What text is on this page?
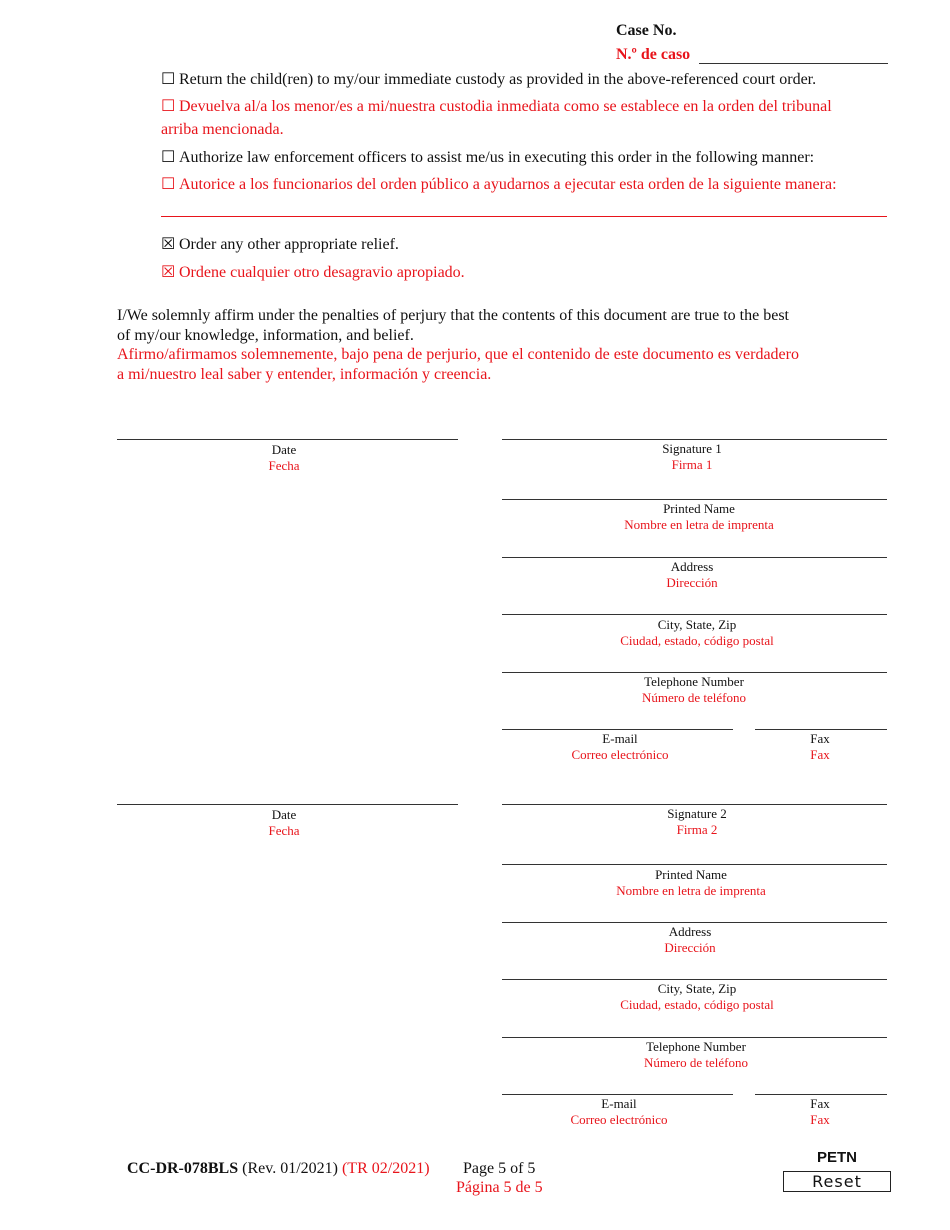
Case No.
N.º de caso
☐ Return the child(ren) to my/our immediate custody as provided in the above-referenced court order.
☐ Devuelva al/a los menor/es a mi/nuestra custodia inmediata como se establece en la orden del tribunal
arriba mencionada.
☐ Authorize law enforcement officers to assist me/us in executing this order in the following manner:
☐ Autorice a los funcionarios del orden público a ayudarnos a ejecutar esta orden de la siguiente manera:
☒ Order any other appropriate relief.
☒ Ordene cualquier otro desagravio apropiado.
I/We solemnly affirm under the penalties of perjury that the contents of this document are true to the best
of my/our knowledge, information, and belief.
Afirmo/afirmamos solemnemente, bajo pena de perjurio, que el contenido de este documento es verdadero
a mi/nuestro leal saber y entender, información y creencia.
Date
Fecha
Signature 1
Firma 1
Printed Name
Nombre en letra de imprenta
Address
Dirección
City, State, Zip
Ciudad, estado, código postal
Telephone Number
Número de teléfono
E-mail
Correo electrónico
Fax
Fax
Date
Fecha
Signature 2
Firma 2
Printed Name
Nombre en letra de imprenta
Address
Dirección
City, State, Zip
Ciudad, estado, código postal
Telephone Number
Número de teléfono
E-mail
Correo electrónico
Fax
Fax
CC-DR-078BLS (Rev. 01/2021) (TR 02/2021) Page 5 of 5
Página 5 de 5
PETN
Reset
